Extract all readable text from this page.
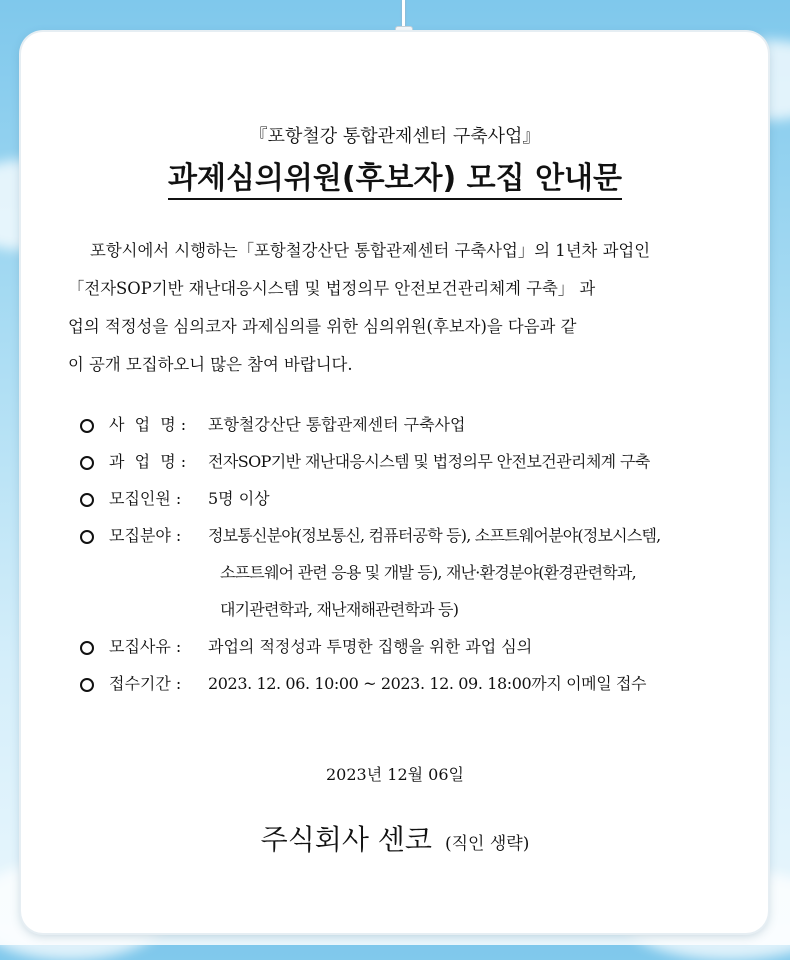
『포항철강 통합관제센터 구축사업』
과제심의위원(후보자) 모집 안내문
포항시에서 시행하는「포항철강산단 통합관제센터 구축사업」의 1년차 과업인
「전자SOP기반 재난대응시스템 및 법정의무 안전보건관리체계 구축」 과
업의 적정성을 심의코자 과제심의를 위한 심의위원(후보자)을 다음과 같
이 공개 모집하오니 많은 참여 바랍니다.
사  업  명 : 포항철강산단 통합관제센터 구축사업
과  업  명 : 전자SOP기반 재난대응시스템 및 법정의무 안전보건관리체계 구축
모집인원 : 5명 이상
모집분야 : 정보통신분야(정보통신, 컴퓨터공학 등), 소프트웨어분야(정보시스템,
소프트웨어 관련 응용 및 개발 등), 재난·환경분야(환경관련학과,
대기관련학과, 재난재해관련학과 등)
모집사유 : 과업의 적정성과 투명한 집행을 위한 과업 심의
접수기간 : 2023. 12. 06. 10:00 ~ 2023. 12. 09. 18:00까지 이메일 접수
2023년 12월 06일
주식회사 센코 (직인 생략)
